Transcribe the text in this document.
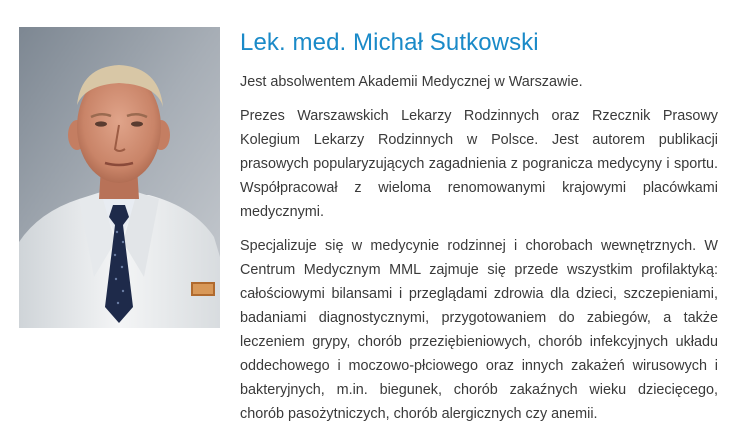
Lek. med. Michał Sutkowski

Jest absolwentem Akademii Medycznej w Warszawie.

Prezes Warszawskich Lekarzy Rodzinnych oraz Rzecznik Prasowy Kolegium Lekarzy Rodzinnych w Polsce. Jest autorem publikacji prasowych popularyzujących zagadnienia z pogranicza medycyny i sportu. Współpracował z wieloma renomowanymi krajowymi placówkami medycznymi.

Specjalizuje się w medycynie rodzinnej i chorobach wewnętrznych. W Centrum Medycznym MML zajmuje się przede wszystkim profilaktyką: całościowymi bilansami i przeglądami zdrowia dla dzieci, szczepieniami, badaniami diagnostycznymi, przygotowaniem do zabiegów, a także leczeniem grypy, chorób przeziębieniowych, chorób infekcyjnych układu oddechowego i moczowo-płciowego oraz innych zakażeń wirusowych i bakteryjnych, m.in. biegunek, chorób zakaźnych wieku dziecięcego, chorób pasożytniczych, chorób alergicznych czy anemii.
